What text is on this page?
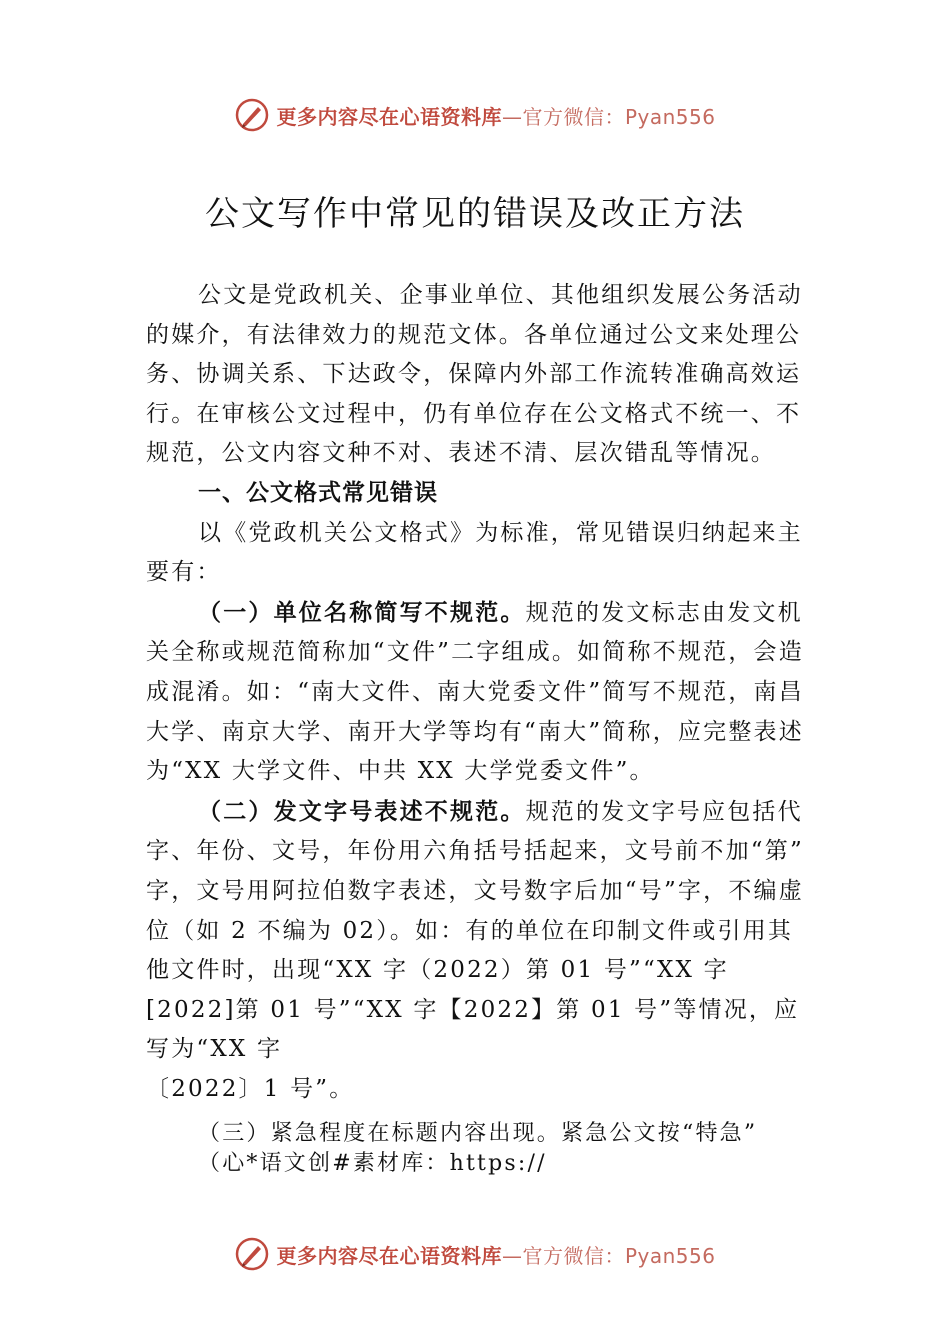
更多内容尽在心语资料库—官方微信：Pyan556
公文写作中常见的错误及改正方法

公文是党政机关、企事业单位、其他组织发展公务活动的媒介，有法律效力的规范文体。各单位通过公文来处理公务、协调关系、下达政令，保障内外部工作流转准确高效运行。在审核公文过程中，仍有单位存在公文格式不统一、不规范，公文内容文种不对、表述不清、层次错乱等情况。

一、公文格式常见错误

以《党政机关公文格式》为标准，常见错误归纳起来主要有：

（一）单位名称简写不规范。规范的发文标志由发文机关全称或规范简称加“文件”二字组成。如简称不规范，会造成混淆。如：“南大文件、南大党委文件”简写不规范，南昌大学、南京大学、南开大学等均有“南大”简称，应完整表述为“XX 大学文件、中共 XX 大学党委文件”。

（二）发文字号表述不规范。规范的发文字号应包括代字、年份、文号，年份用六角括号括起来，文号前不加“第” 字，文号用阿拉伯数字表述，文号数字后加“号”字，不编虚位（如 2 不编为 02）。如：有的单位在印制文件或引用其他文件时，出现“XX 字（2022）第 01 号”“XX 字[2022]第 01 号”“XX 字【2022】第 01 号”等情况，应写为“XX 字

〔2022〕1 号”。

（三）紧急程度在标题内容出现。紧急公文按“特急”

（心*语文创#素材库：https://

更多内容尽在心语资料库—官方微信：Pyan556
